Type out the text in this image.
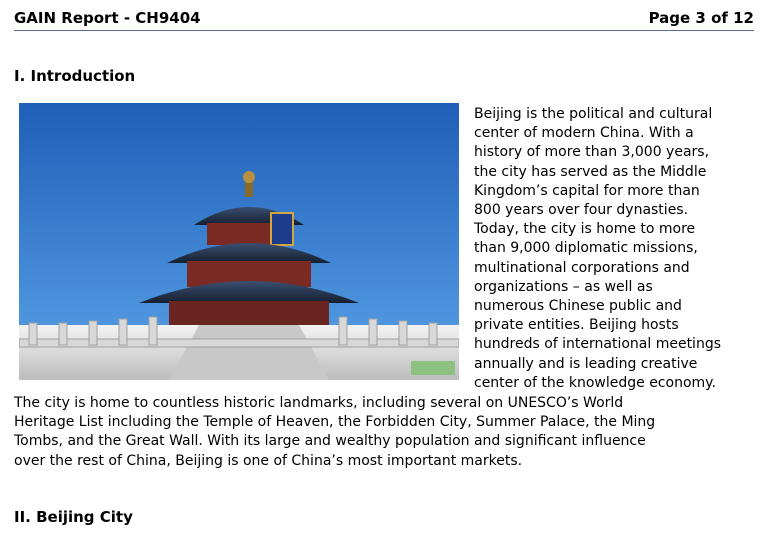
GAIN Report - CH9404	Page 3 of 12
I. Introduction

Beijing is the political and cultural
center of modern China. With a
history of more than 3,000 years,
the city has served as the Middle
Kingdom’s capital for more than
800 years over four dynasties.
Today, the city is home to more
than 9,000 diplomatic missions,
multinational corporations and
organizations – as well as
numerous Chinese public and
private entities. Beijing hosts
hundreds of international meetings
annually and is leading creative
center of the knowledge economy.

The city is home to countless historic landmarks, including several on UNESCO’s World
Heritage List including the Temple of Heaven, the Forbidden City, Summer Palace, the Ming
Tombs, and the Great Wall. With its large and wealthy population and significant influence
over the rest of China, Beijing is one of China’s most important markets.

II. Beijing City
